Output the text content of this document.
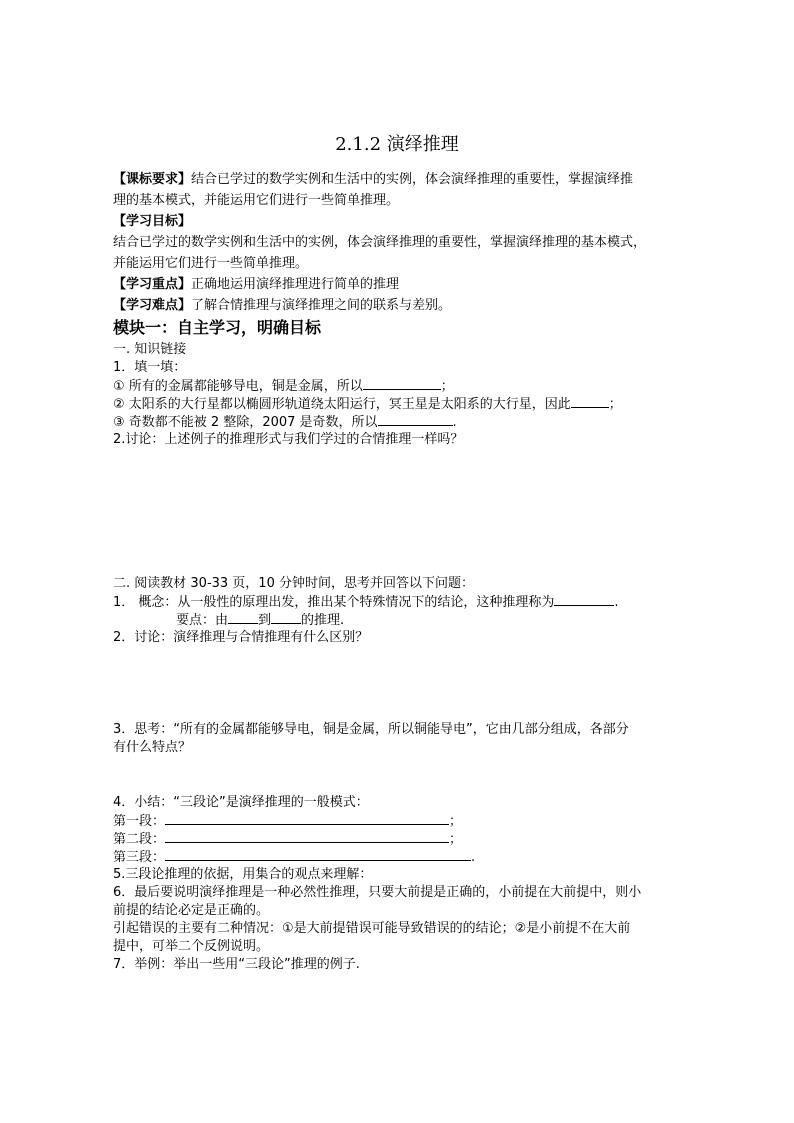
2.1.2 演绎推理
【课标要求】结合已学过的数学实例和生活中的实例，体会演绎推理的重要性，掌握演绎推
理的基本模式，并能运用它们进行一些简单推理。
【学习目标】
结合已学过的数学实例和生活中的实例，体会演绎推理的重要性，掌握演绎推理的基本模式，
并能运用它们进行一些简单推理。
【学习重点】正确地运用演绎推理进行简单的推理
【学习难点】了解合情推理与演绎推理之间的联系与差别。
模块一：自主学习，明确目标
一. 知识链接
1．填一填：
① 所有的金属都能够导电，铜是金属，所以	；
② 太阳系的大行星都以椭圆形轨道绕太阳运行，冥王星是太阳系的大行星，因此	；
③ 奇数都不能被 2 整除，2007 是奇数，所以	.
2.讨论：上述例子的推理形式与我们学过的合情推理一样吗？
二. 阅读教材 30-33 页，10 分钟时间，思考并回答以下问题：
1． 概念：从一般性的原理出发，推出某个特殊情况下的结论，这种推理称为	.
要点：由 到 的推理.
2．讨论：演绎推理与合情推理有什么区别？
3．思考：“所有的金属都能够导电，铜是金属，所以铜能导电”，它由几部分组成，各部分
有什么特点？
4．小结：“三段论”是演绎推理的一般模式：
第一段：	；
第二段：	；
第三段：	.
5.三段论推理的依据，用集合的观点来理解：
6．最后要说明演绎推理是一种必然性推理，只要大前提是正确的，小前提在大前提中，则小
前提的结论必定是正确的。
引起错误的主要有二种情况：①是大前提错误可能导致错误的的结论；②是小前提不在大前
提中，可举二个反例说明。
7．举例：举出一些用“三段论”推理的例子.
